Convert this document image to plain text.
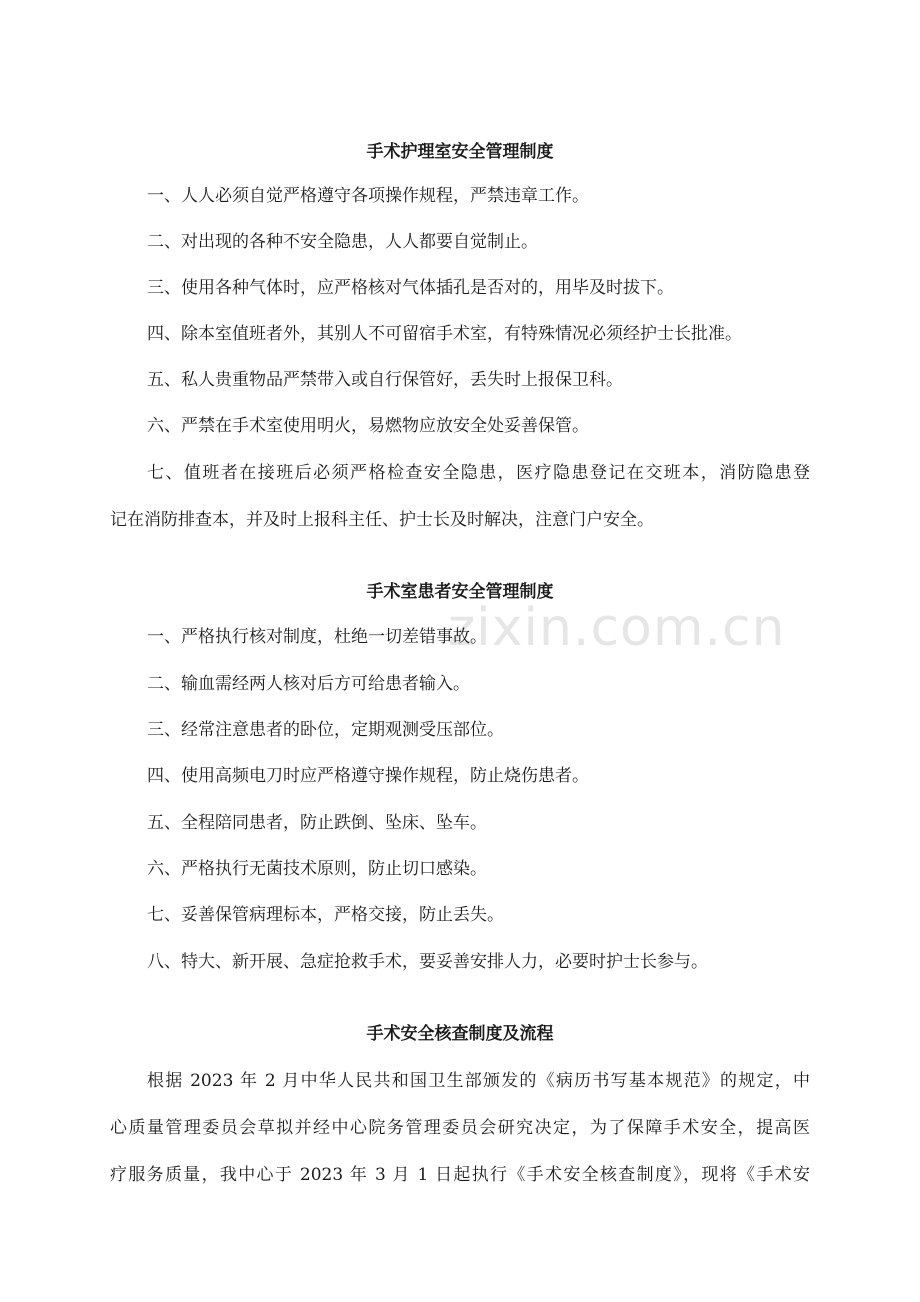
zixin.com.cn
手术护理室安全管理制度

一、人人必须自觉严格遵守各项操作规程，严禁违章工作。

二、对出现的各种不安全隐患，人人都要自觉制止。

三、使用各种气体时，应严格核对气体插孔是否对的，用毕及时拔下。

四、除本室值班者外，其别人不可留宿手术室，有特殊情况必须经护士长批准。

五、私人贵重物品严禁带入或自行保管好，丢失时上报保卫科。

六、严禁在手术室使用明火，易燃物应放安全处妥善保管。

七、值班者在接班后必须严格检查安全隐患，医疗隐患登记在交班本，消防隐患登

记在消防排查本，并及时上报科主任、护士长及时解决，注意门户安全。

手术室患者安全管理制度

一、严格执行核对制度，杜绝一切差错事故。

二、输血需经两人核对后方可给患者输入。

三、经常注意患者的卧位，定期观测受压部位。

四、使用高频电刀时应严格遵守操作规程，防止烧伤患者。

五、全程陪同患者，防止跌倒、坠床、坠车。

六、严格执行无菌技术原则，防止切口感染。

七、妥善保管病理标本，严格交接，防止丢失。

八、特大、新开展、急症抢救手术，要妥善安排人力，必要时护士长参与。

手术安全核查制度及流程

根据 2023 年 2 月中华人民共和国卫生部颁发的《病历书写基本规范》的规定，中

心质量管理委员会草拟并经中心院务管理委员会研究决定，为了保障手术安全，提高医

疗服务质量，我中心于 2023 年 3 月 1 日起执行《手术安全核查制度》，现将《手术安
